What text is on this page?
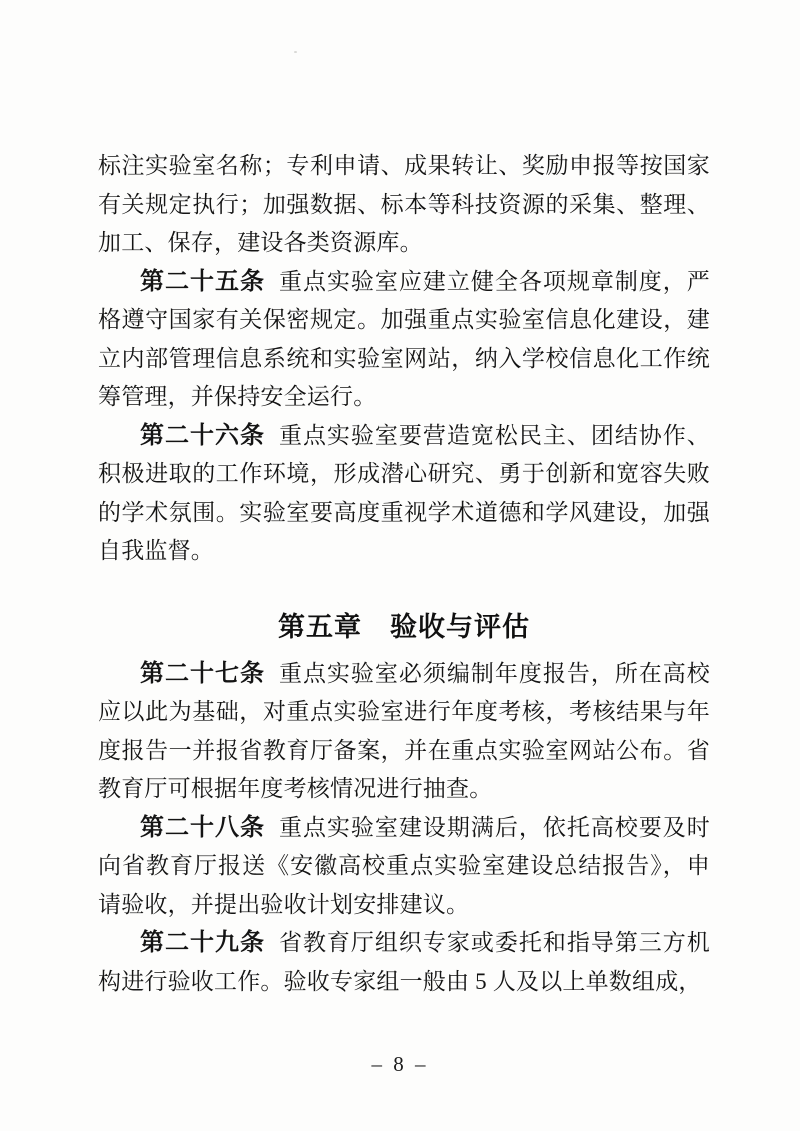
标注实验室名称；专利申请、成果转让、奖励申报等按国家有关规定执行；加强数据、标本等科技资源的采集、整理、加工、保存，建设各类资源库。

第二十五条 重点实验室应建立健全各项规章制度，严格遵守国家有关保密规定。加强重点实验室信息化建设，建立内部管理信息系统和实验室网站，纳入学校信息化工作统筹管理，并保持安全运行。

第二十六条 重点实验室要营造宽松民主、团结协作、积极进取的工作环境，形成潜心研究、勇于创新和宽容失败的学术氛围。实验室要高度重视学术道德和学风建设，加强自我监督。

第五章　验收与评估

第二十七条 重点实验室必须编制年度报告，所在高校应以此为基础，对重点实验室进行年度考核，考核结果与年度报告一并报省教育厅备案，并在重点实验室网站公布。省教育厅可根据年度考核情况进行抽查。

第二十八条 重点实验室建设期满后，依托高校要及时向省教育厅报送《安徽高校重点实验室建设总结报告》，申请验收，并提出验收计划安排建议。

第二十九条 省教育厅组织专家或委托和指导第三方机构进行验收工作。验收专家组一般由 5 人及以上单数组成，

– 8 –
